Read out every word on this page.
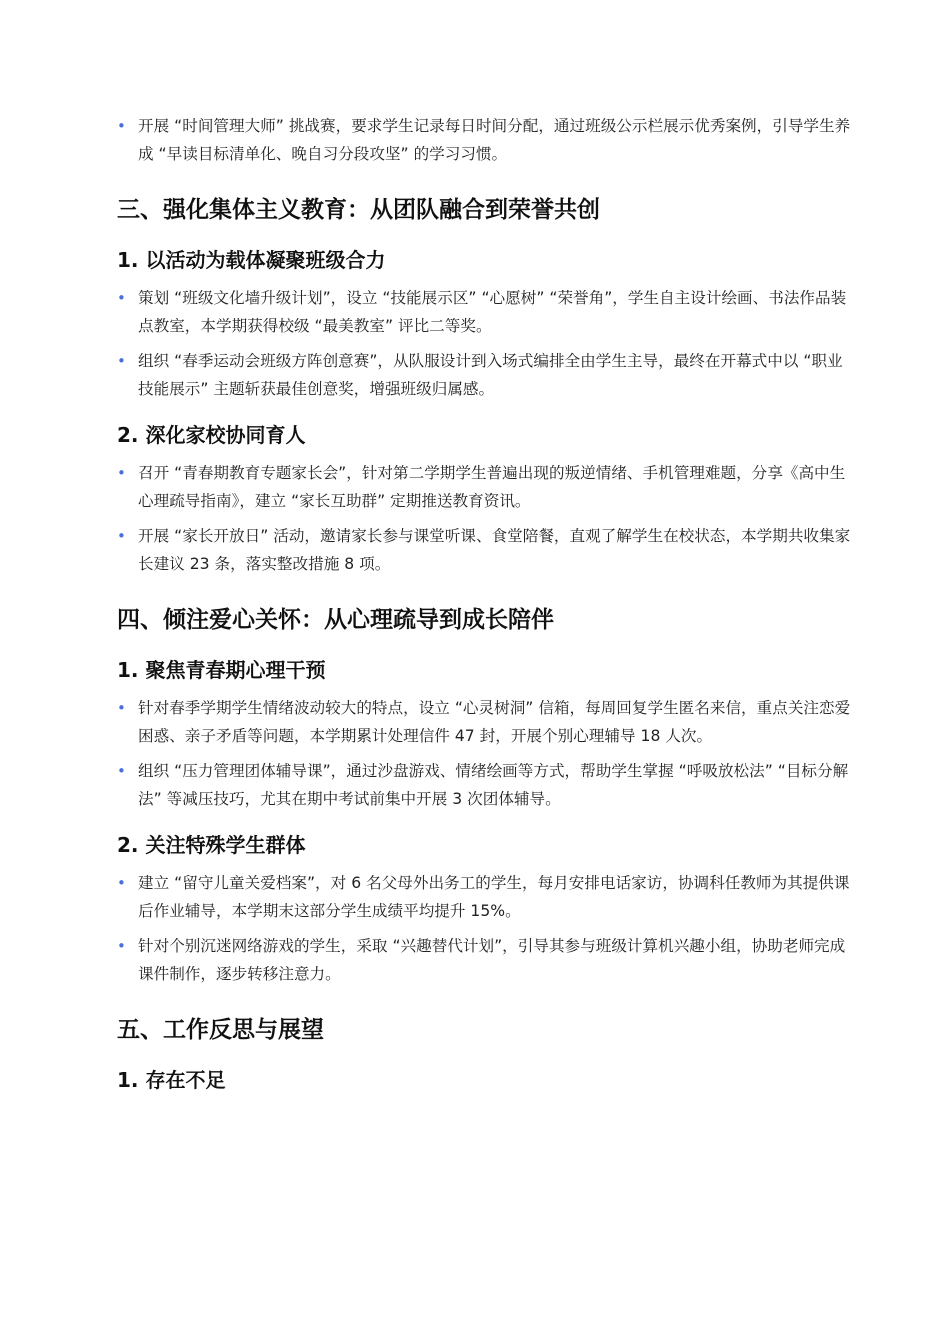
• 开展 “时间管理大师” 挑战赛，要求学生记录每日时间分配，通过班级公示栏展示优秀案例，引导学生养成 “早读目标清单化、晚自习分段攻坚” 的学习习惯。
三、强化集体主义教育：从团队融合到荣誉共创
1. 以活动为载体凝聚班级合力
• 策划 “班级文化墙升级计划”，设立 “技能展示区” “心愿树” “荣誉角”，学生自主设计绘画、书法作品装点教室，本学期获得校级 “最美教室” 评比二等奖。
• 组织 “春季运动会班级方阵创意赛”，从队服设计到入场式编排全由学生主导，最终在开幕式中以 “职业技能展示” 主题斩获最佳创意奖，增强班级归属感。
2. 深化家校协同育人
• 召开 “青春期教育专题家长会”，针对第二学期学生普遍出现的叛逆情绪、手机管理难题，分享《高中生心理疏导指南》，建立 “家长互助群” 定期推送教育资讯。
• 开展 “家长开放日” 活动，邀请家长参与课堂听课、食堂陪餐，直观了解学生在校状态，本学期共收集家长建议 23 条，落实整改措施 8 项。
四、倾注爱心关怀：从心理疏导到成长陪伴
1. 聚焦青春期心理干预
• 针对春季学期学生情绪波动较大的特点，设立 “心灵树洞” 信箱，每周回复学生匿名来信，重点关注恋爱困惑、亲子矛盾等问题，本学期累计处理信件 47 封，开展个别心理辅导 18 人次。
• 组织 “压力管理团体辅导课”，通过沙盘游戏、情绪绘画等方式，帮助学生掌握 “呼吸放松法” “目标分解法” 等减压技巧，尤其在期中考试前集中开展 3 次团体辅导。
2. 关注特殊学生群体
• 建立 “留守儿童关爱档案”，对 6 名父母外出务工的学生，每月安排电话家访，协调科任教师为其提供课后作业辅导，本学期末这部分学生成绩平均提升 15%。
• 针对个别沉迷网络游戏的学生，采取 “兴趣替代计划”，引导其参与班级计算机兴趣小组，协助老师完成课件制作，逐步转移注意力。
五、工作反思与展望
1. 存在不足
